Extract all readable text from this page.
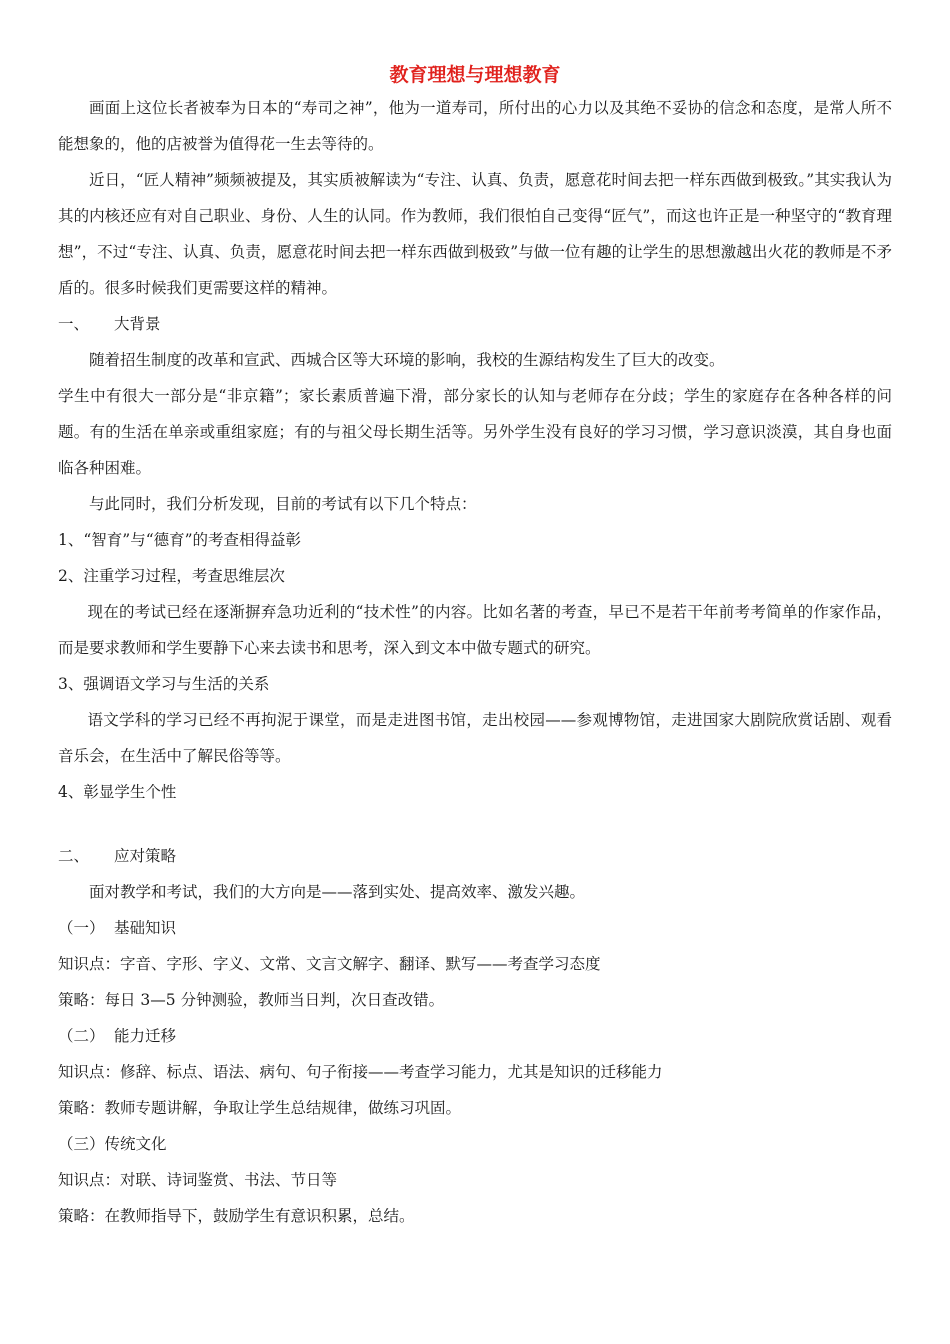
教育理想与理想教育

画面上这位长者被奉为日本的“寿司之神”，他为一道寿司，所付出的心力以及其绝不妥协的信念和态度，是常人所不能想象的，他的店被誉为值得花一生去等待的。

近日，“匠人精神”频频被提及，其实质被解读为“专注、认真、负责，愿意花时间去把一样东西做到极致。”其实我认为其的内核还应有对自己职业、身份、人生的认同。作为教师，我们很怕自己变得“匠气”，而这也许正是一种坚守的“教育理想”，不过“专注、认真、负责，愿意花时间去把一样东西做到极致”与做一位有趣的让学生的思想激越出火花的教师是不矛盾的。很多时候我们更需要这样的精神。

一、 大背景

随着招生制度的改革和宣武、西城合区等大环境的影响，我校的生源结构发生了巨大的改变。

学生中有很大一部分是“非京籍”；家长素质普遍下滑，部分家长的认知与老师存在分歧；学生的家庭存在各种各样的问题。有的生活在单亲或重组家庭；有的与祖父母长期生活等。另外学生没有良好的学习习惯，学习意识淡漠，其自身也面临各种困难。

与此同时，我们分析发现，目前的考试有以下几个特点：

1、“智育”与“德育”的考查相得益彰

2、注重学习过程，考查思维层次

现在的考试已经在逐渐摒弃急功近利的“技术性”的内容。比如名著的考查，早已不是若干年前考考简单的作家作品，而是要求教师和学生要静下心来去读书和思考，深入到文本中做专题式的研究。

3、强调语文学习与生活的关系

语文学科的学习已经不再拘泥于课堂，而是走进图书馆，走出校园——参观博物馆，走进国家大剧院欣赏话剧、观看音乐会，在生活中了解民俗等等。

4、彰显学生个性

二、 应对策略

面对教学和考试，我们的大方向是——落到实处、提高效率、激发兴趣。

（一） 基础知识

知识点：字音、字形、字义、文常、文言文解字、翻译、默写——考查学习态度

策略：每日 3—5 分钟测验，教师当日判，次日查改错。

（二） 能力迁移

知识点：修辞、标点、语法、病句、句子衔接——考查学习能力，尤其是知识的迁移能力

策略：教师专题讲解，争取让学生总结规律，做练习巩固。

（三）传统文化

知识点：对联、诗词鉴赏、书法、节日等

策略：在教师指导下，鼓励学生有意识积累，总结。
